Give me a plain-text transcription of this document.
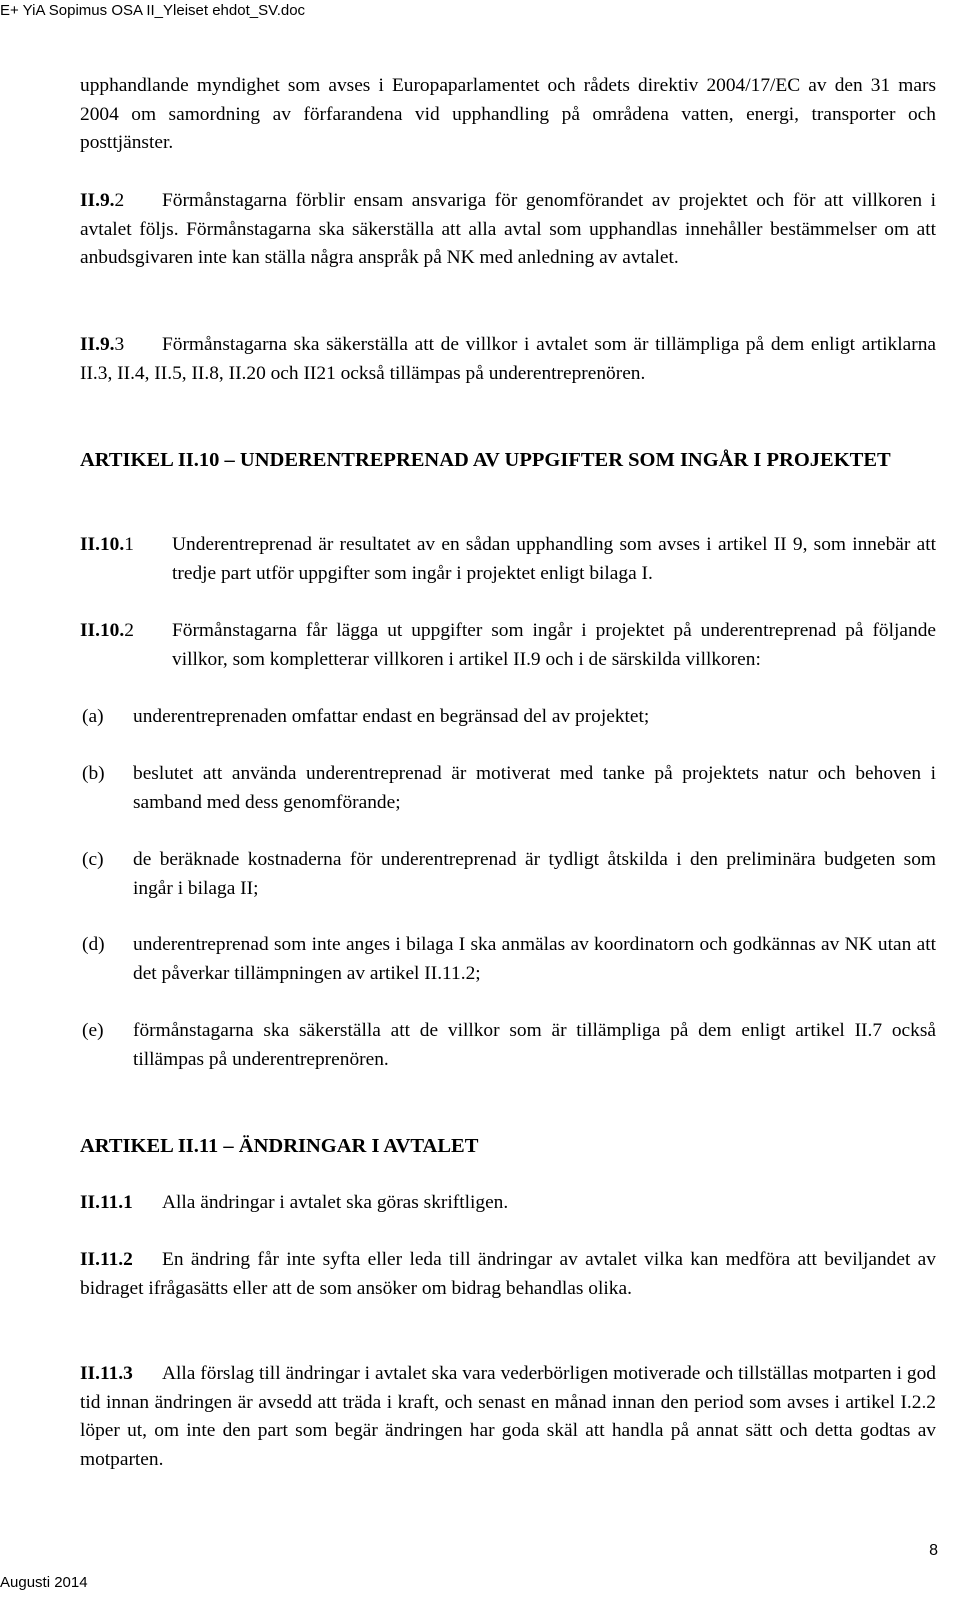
E+ YiA Sopimus OSA II_Yleiset ehdot_SV.doc
upphandlande myndighet som avses i Europaparlamentet och rådets direktiv 2004/17/EC av den 31 mars 2004 om samordning av förfarandena vid upphandling på områdena vatten, energi, transporter och posttjänster.
II.9.2	Förmånstagarna förblir ensam ansvariga för genomförandet av projektet och för att villkoren i avtalet följs. Förmånstagarna ska säkerställa att alla avtal som upphandlas innehåller bestämmelser om att anbudsgivaren inte kan ställa några anspråk på NK med anledning av avtalet.
II.9.3	Förmånstagarna ska säkerställa att de villkor i avtalet som är tillämpliga på dem enligt artiklarna II.3, II.4, II.5, II.8, II.20 och II21 också tillämpas på underentreprenören.
ARTIKEL II.10 – UNDERENTREPRENAD AV UPPGIFTER SOM INGÅR I PROJEKTET
II.10.1 Underentreprenad är resultatet av en sådan upphandling som avses i artikel II 9, som innebär att tredje part utför uppgifter som ingår i projektet enligt bilaga I.
II.10.2 Förmånstagarna får lägga ut uppgifter som ingår i projektet på underentreprenad på följande villkor, som kompletterar villkoren i artikel II.9 och i de särskilda villkoren:
(a) underentreprenaden omfattar endast en begränsad del av projektet;
(b) beslutet att använda underentreprenad är motiverat med tanke på projektets natur och behoven i samband med dess genomförande;
(c) de beräknade kostnaderna för underentreprenad är tydligt åtskilda i den preliminära budgeten som ingår i bilaga II;
(d) underentreprenad som inte anges i bilaga I ska anmälas av koordinatorn och godkännas av NK utan att det påverkar tillämpningen av artikel II.11.2;
(e) förmånstagarna ska säkerställa att de villkor som är tillämpliga på dem enligt artikel II.7 också tillämpas på underentreprenören.
ARTIKEL II.11 – ÄNDRINGAR I AVTALET
II.11.1	Alla ändringar i avtalet ska göras skriftligen.
II.11.2	En ändring får inte syfta eller leda till ändringar av avtalet vilka kan medföra att beviljandet av bidraget ifrågasätts eller att de som ansöker om bidrag behandlas olika.
II.11.3	Alla förslag till ändringar i avtalet ska vara vederbörligen motiverade och tillställas motparten i god tid innan ändringen är avsedd att träda i kraft, och senast en månad innan den period som avses i artikel I.2.2 löper ut, om inte den part som begär ändringen har goda skäl att handla på annat sätt och detta godtas av motparten.
8
Augusti 2014
